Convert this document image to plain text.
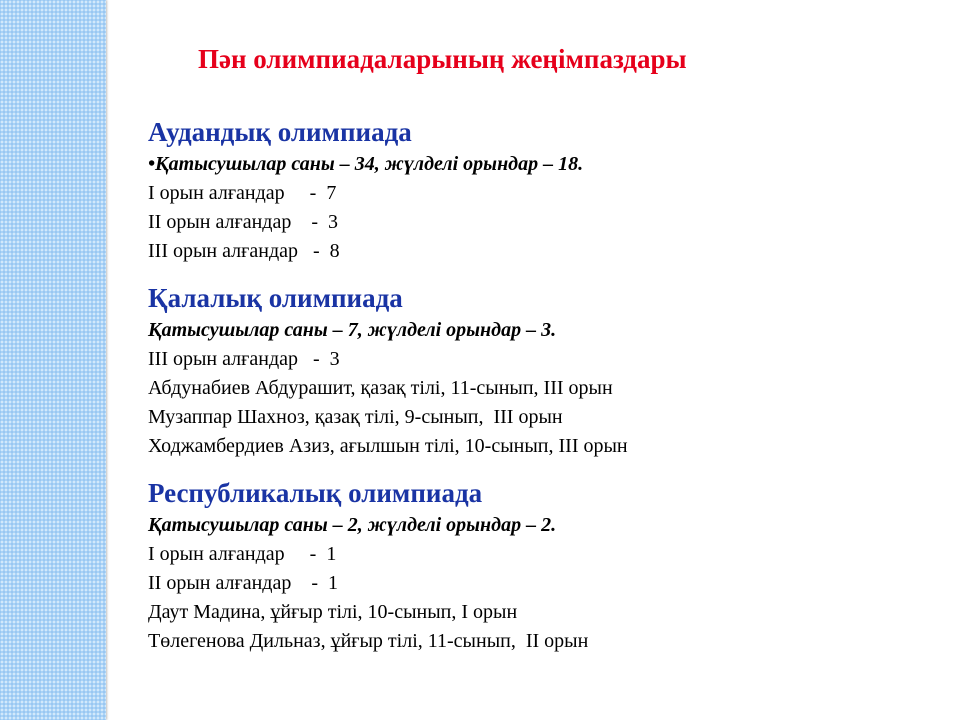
Пән олимпиадаларының жеңімпаздары
Аудандық олимпиада

•Қатысушылар саны – 34, жүлделі орындар – 18.

І орын алғандар     -  7

ІІ орын алғандар    -  3

ІІІ орын алғандар   -  8

Қалалық олимпиада

Қатысушылар саны – 7, жүлделі орындар – 3.

ІІІ орын алғандар   -  3

Абдунабиев Абдурашит, қазақ тілі, 11-сынып, ІІІ орын

Музаппар Шахноз, қазақ тілі, 9-сынып,  ІІІ орын

Ходжамбердиев Азиз, ағылшын тілі, 10-сынып, ІІІ орын

Республикалық олимпиада

Қатысушылар саны – 2, жүлделі орындар – 2.

І орын алғандар     -  1

ІІ орын алғандар    -  1

Даут Мадина, ұйғыр тілі, 10-сынып, І орын

Төлегенова Дильназ, ұйғыр тілі, 11-сынып,  ІІ орын
